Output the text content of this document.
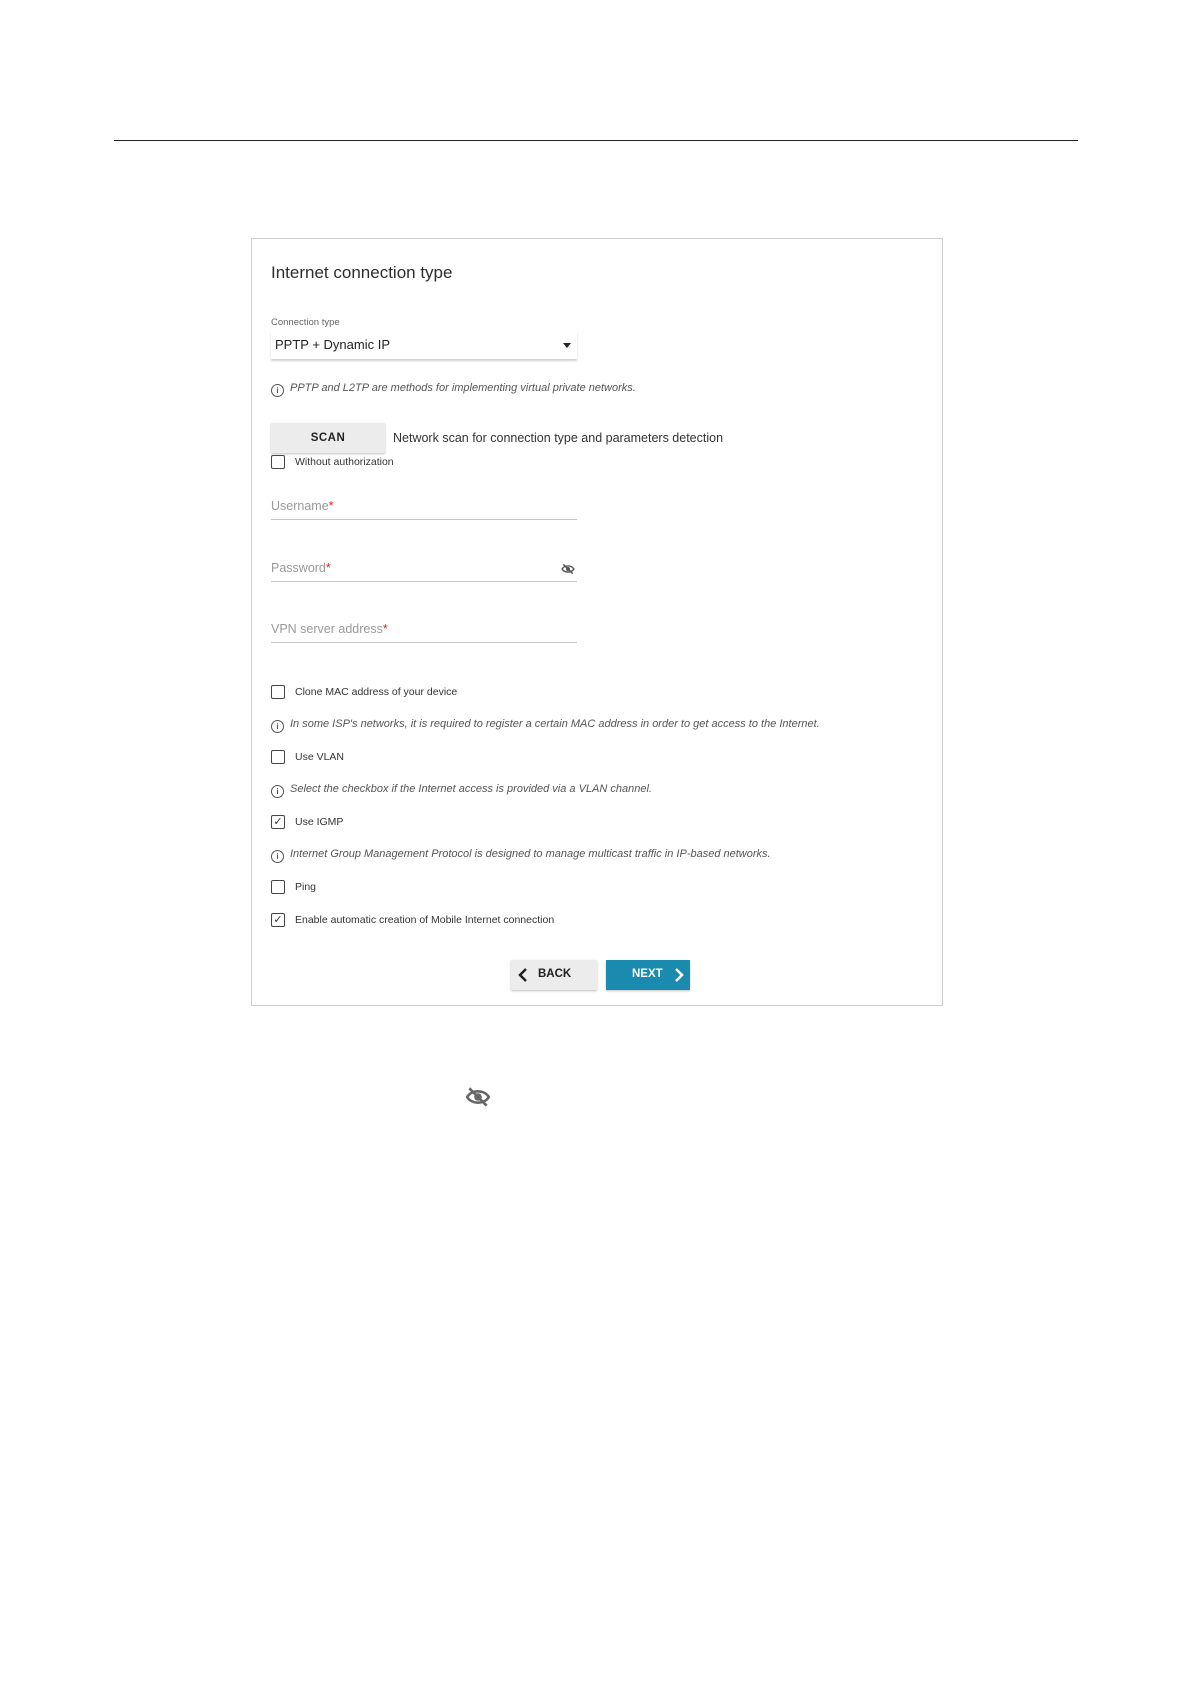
Internet connection type
Connection type
PPTP + Dynamic IP
i PPTP and L2TP are methods for implementing virtual private networks.
SCAN	Network scan for connection type and parameters detection
Without authorization
Username*
Password*
VPN server address*
Clone MAC address of your device
i In some ISP's networks, it is required to register a certain MAC address in order to get access to the Internet.
Use VLAN
i Select the checkbox if the Internet access is provided via a VLAN channel.
✓ Use IGMP
i Internet Group Management Protocol is designed to manage multicast traffic in IP-based networks.
Ping
✓ Enable automatic creation of Mobile Internet connection
BACK	NEXT
